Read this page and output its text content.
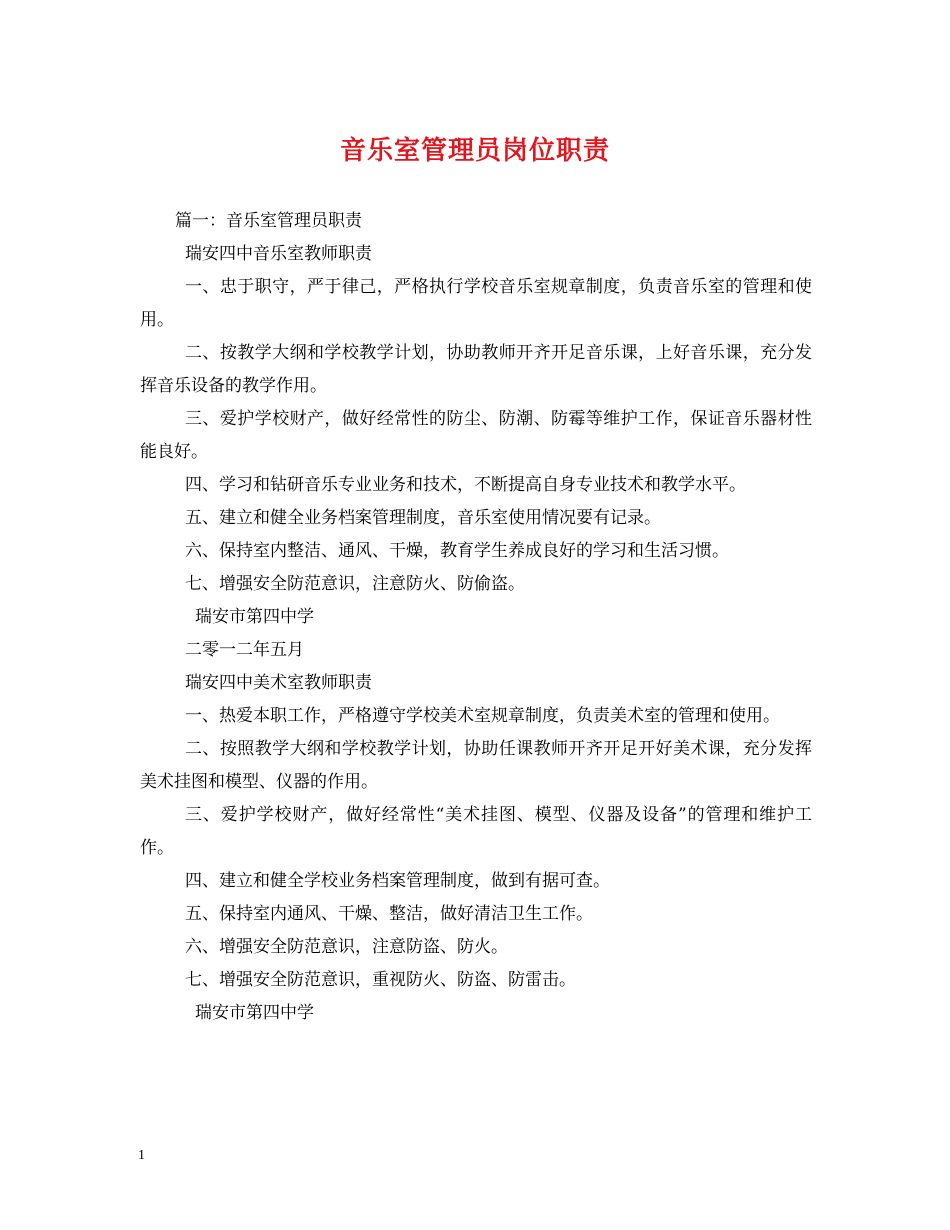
音乐室管理员岗位职责

篇一：音乐室管理员职责

瑞安四中音乐室教师职责

一、忠于职守，严于律己，严格执行学校音乐室规章制度，负责音乐室的管理和使用。

二、按教学大纲和学校教学计划，协助教师开齐开足音乐课，上好音乐课，充分发挥音乐设备的教学作用。

三、爱护学校财产，做好经常性的防尘、防潮、防霉等维护工作，保证音乐器材性能良好。

四、学习和钻研音乐专业业务和技术，不断提高自身专业技术和教学水平。

五、建立和健全业务档案管理制度，音乐室使用情况要有记录。

六、保持室内整洁、通风、干燥，教育学生养成良好的学习和生活习惯。

七、增强安全防范意识，注意防火、防偷盗。

瑞安市第四中学

二零一二年五月

瑞安四中美术室教师职责

一、热爱本职工作，严格遵守学校美术室规章制度，负责美术室的管理和使用。

二、按照教学大纲和学校教学计划，协助任课教师开齐开足开好美术课，充分发挥美术挂图和模型、仪器的作用。

三、爱护学校财产，做好经常性“美术挂图、模型、仪器及设备”的管理和维护工作。

四、建立和健全学校业务档案管理制度，做到有据可查。

五、保持室内通风、干燥、整洁，做好清洁卫生工作。

六、增强安全防范意识，注意防盗、防火。

七、增强安全防范意识，重视防火、防盗、防雷击。

瑞安市第四中学

1
